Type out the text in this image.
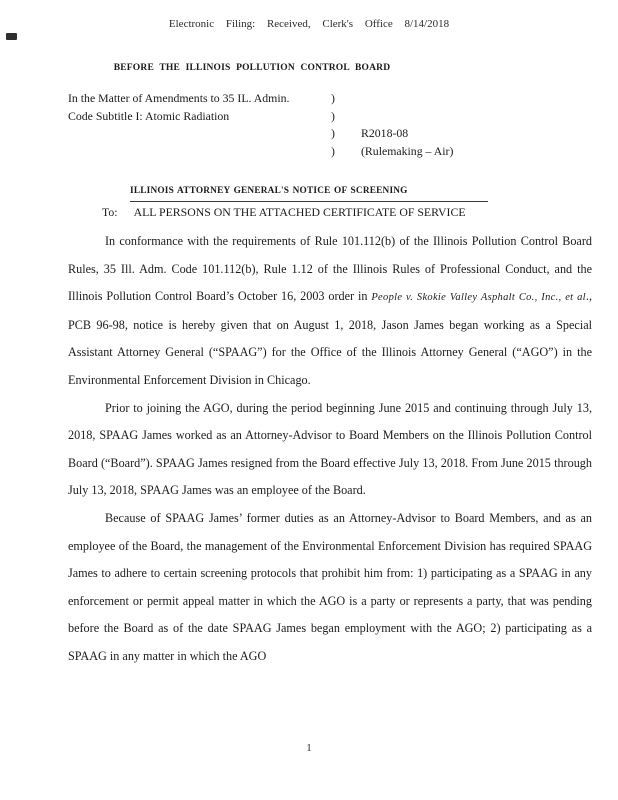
Electronic Filing: Received, Clerk's Office 8/14/2018
BEFORE THE ILLINOIS POLLUTION CONTROL BOARD
In the Matter of Amendments to 35 IL. Admin.
Code Subtitle I: Atomic Radiation
)
)
)
)
R2018-08
(Rulemaking – Air)
ILLINOIS ATTORNEY GENERAL'S NOTICE OF SCREENING
To: ALL PERSONS ON THE ATTACHED CERTIFICATE OF SERVICE

In conformance with the requirements of Rule 101.112(b) of the Illinois Pollution Control Board Rules, 35 Ill. Adm. Code 101.112(b), Rule 1.12 of the Illinois Rules of Professional Conduct, and the Illinois Pollution Control Board’s October 16, 2003 order in People v. Skokie Valley Asphalt Co., Inc., et al., PCB 96-98, notice is hereby given that on August 1, 2018, Jason James began working as a Special Assistant Attorney General (“SPAAG”) for the Office of the Illinois Attorney General (“AGO”) in the Environmental Enforcement Division in Chicago.

Prior to joining the AGO, during the period beginning June 2015 and continuing through July 13, 2018, SPAAG James worked as an Attorney-Advisor to Board Members on the Illinois Pollution Control Board (“Board”). SPAAG James resigned from the Board effective July 13, 2018. From June 2015 through July 13, 2018, SPAAG James was an employee of the Board.

Because of SPAAG James’ former duties as an Attorney-Advisor to Board Members, and as an employee of the Board, the management of the Environmental Enforcement Division has required SPAAG James to adhere to certain screening protocols that prohibit him from: 1) participating as a SPAAG in any enforcement or permit appeal matter in which the AGO is a party or represents a party, that was pending before the Board as of the date SPAAG James began employment with the AGO; 2) participating as a SPAAG in any matter in which the AGO

1
